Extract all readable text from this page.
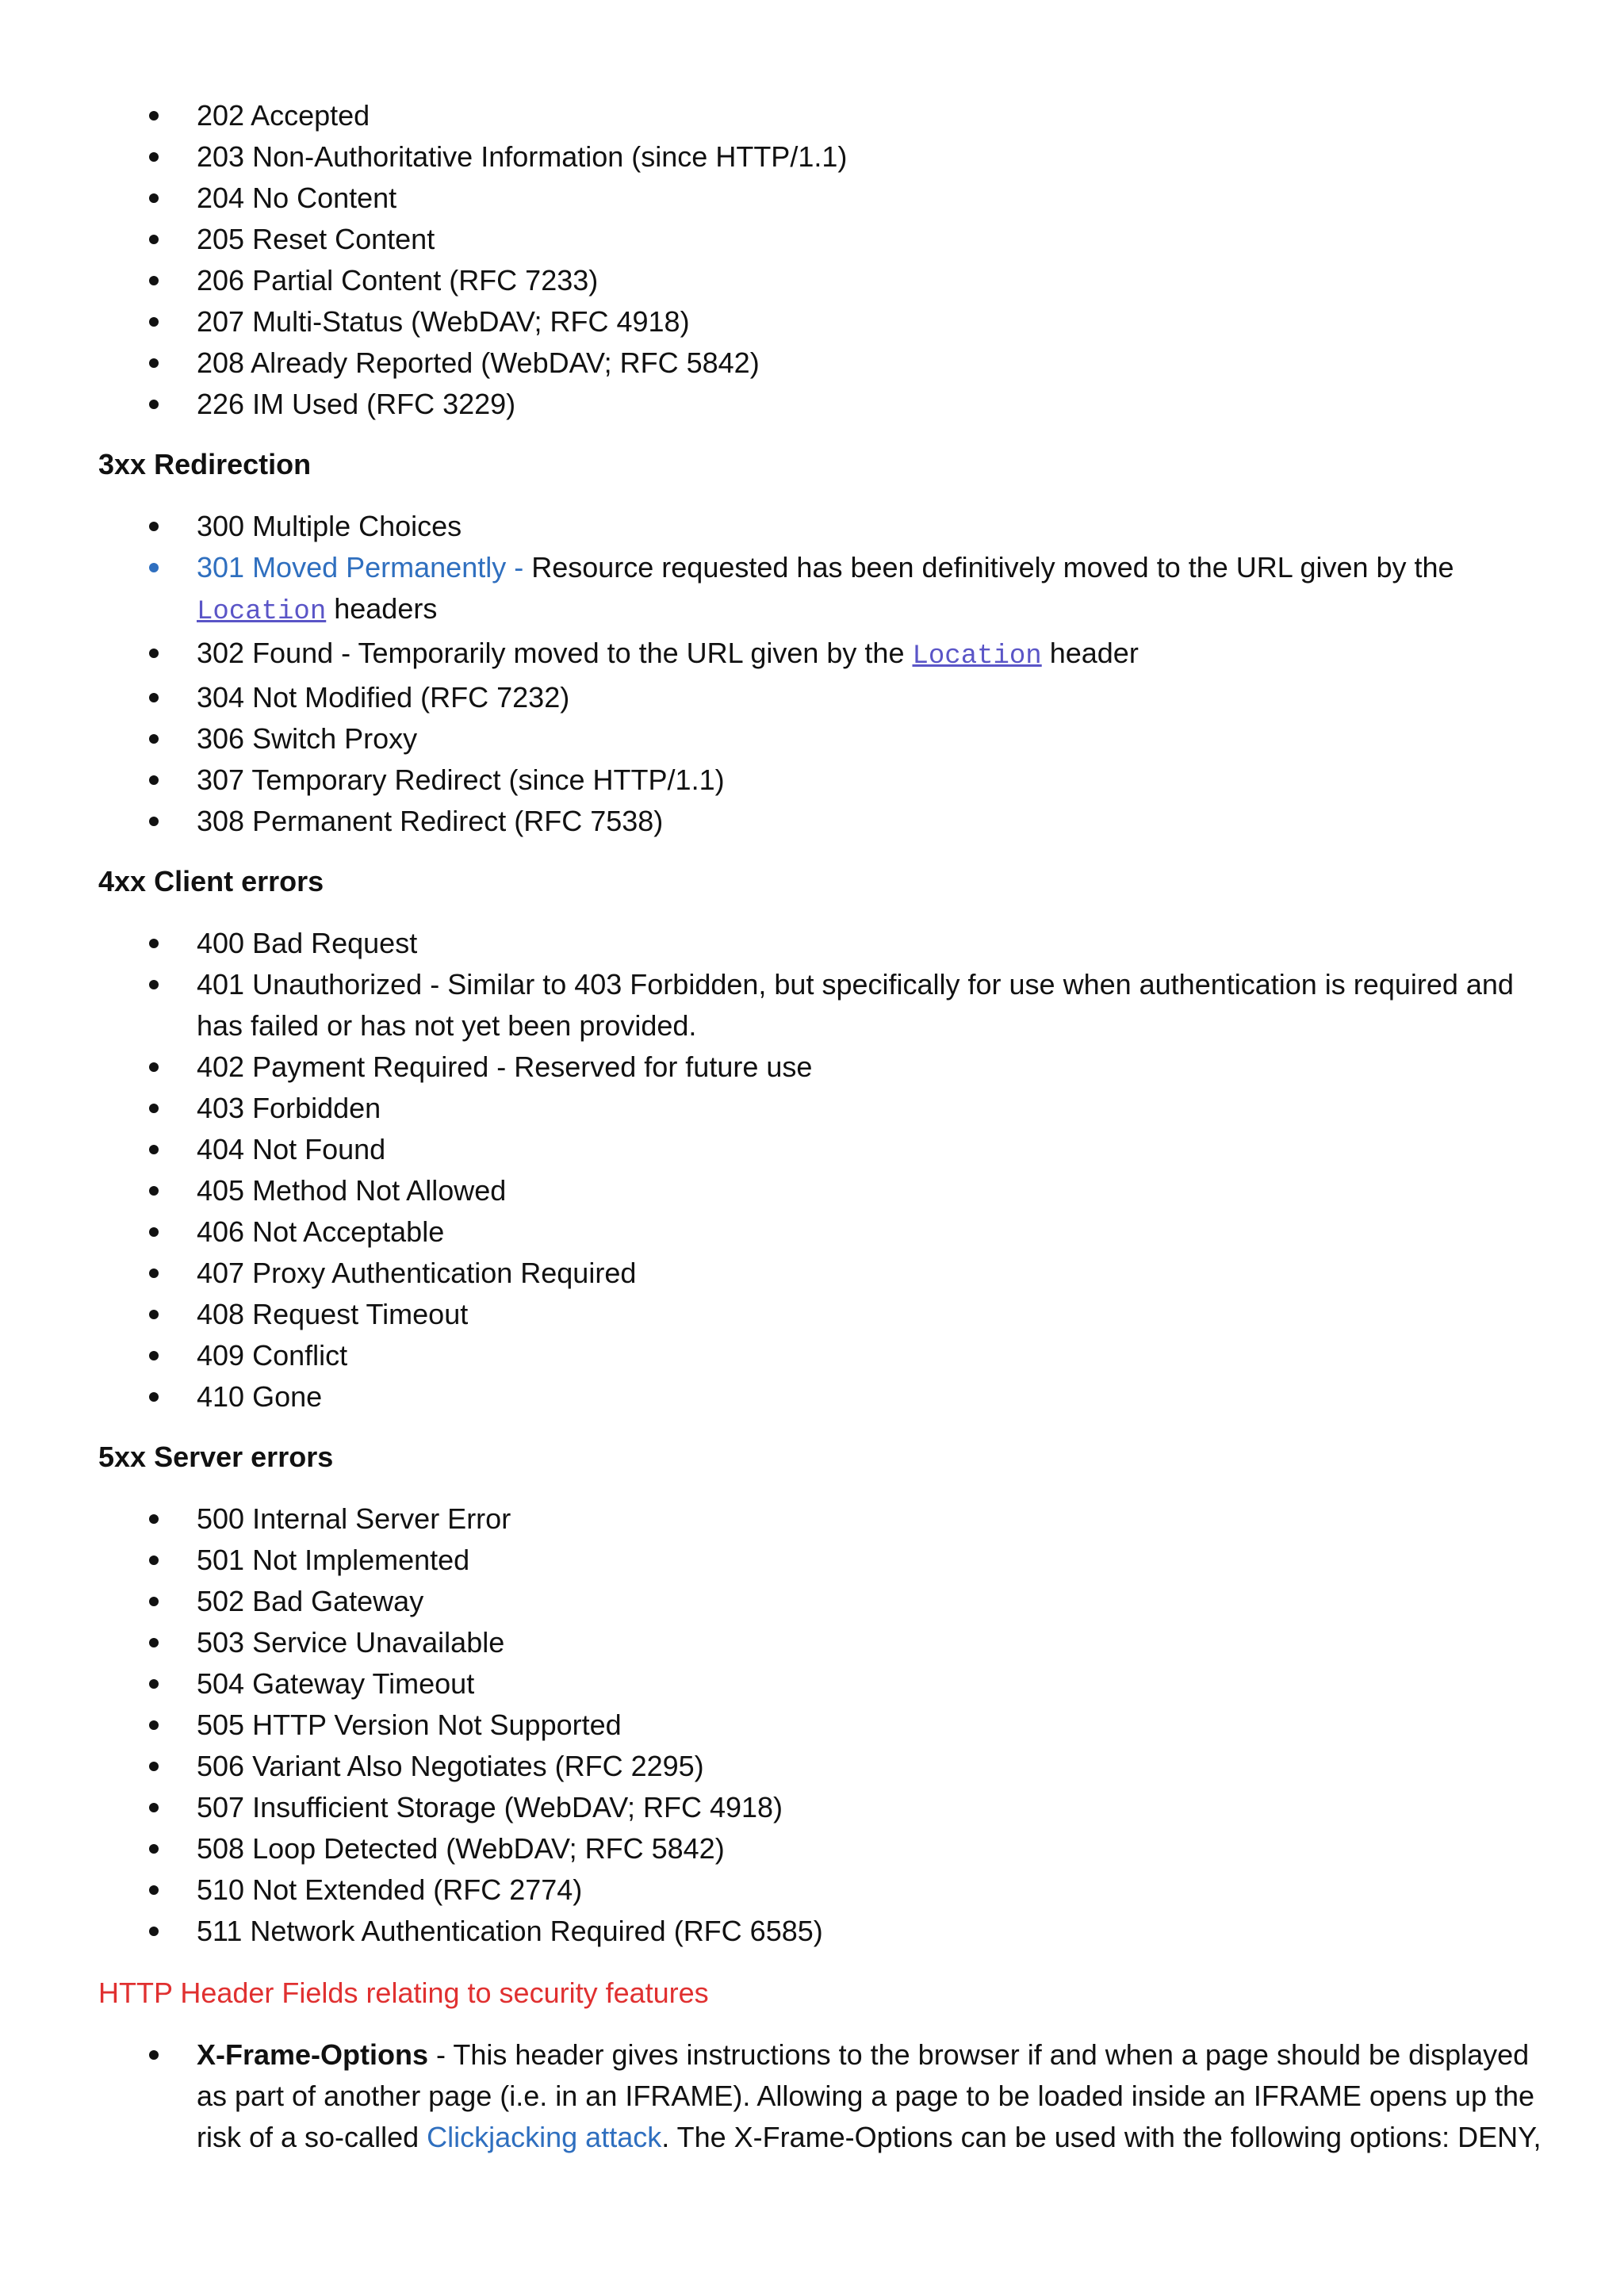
202 Accepted
203 Non-Authoritative Information (since HTTP/1.1)
204 No Content
205 Reset Content
206 Partial Content (RFC 7233)
207 Multi-Status (WebDAV; RFC 4918)
208 Already Reported (WebDAV; RFC 5842)
226 IM Used (RFC 3229)
3xx Redirection
300 Multiple Choices
301 Moved Permanently - Resource requested has been definitively moved to the URL given by the Location headers
302 Found - Temporarily moved to the URL given by the Location header
304 Not Modified (RFC 7232)
306 Switch Proxy
307 Temporary Redirect (since HTTP/1.1)
308 Permanent Redirect (RFC 7538)
4xx Client errors
400 Bad Request
401 Unauthorized - Similar to 403 Forbidden, but specifically for use when authentication is required and has failed or has not yet been provided.
402 Payment Required - Reserved for future use
403 Forbidden
404 Not Found
405 Method Not Allowed
406 Not Acceptable
407 Proxy Authentication Required
408 Request Timeout
409 Conflict
410 Gone
5xx Server errors
500 Internal Server Error
501 Not Implemented
502 Bad Gateway
503 Service Unavailable
504 Gateway Timeout
505 HTTP Version Not Supported
506 Variant Also Negotiates (RFC 2295)
507 Insufficient Storage (WebDAV; RFC 4918)
508 Loop Detected (WebDAV; RFC 5842)
510 Not Extended (RFC 2774)
511 Network Authentication Required (RFC 6585)
HTTP Header Fields relating to security features
X-Frame-Options - This header gives instructions to the browser if and when a page should be displayed as part of another page (i.e. in an IFRAME). Allowing a page to be loaded inside an IFRAME opens up the risk of a so-called Clickjacking attack. The X-Frame-Options can be used with the following options: DENY,
